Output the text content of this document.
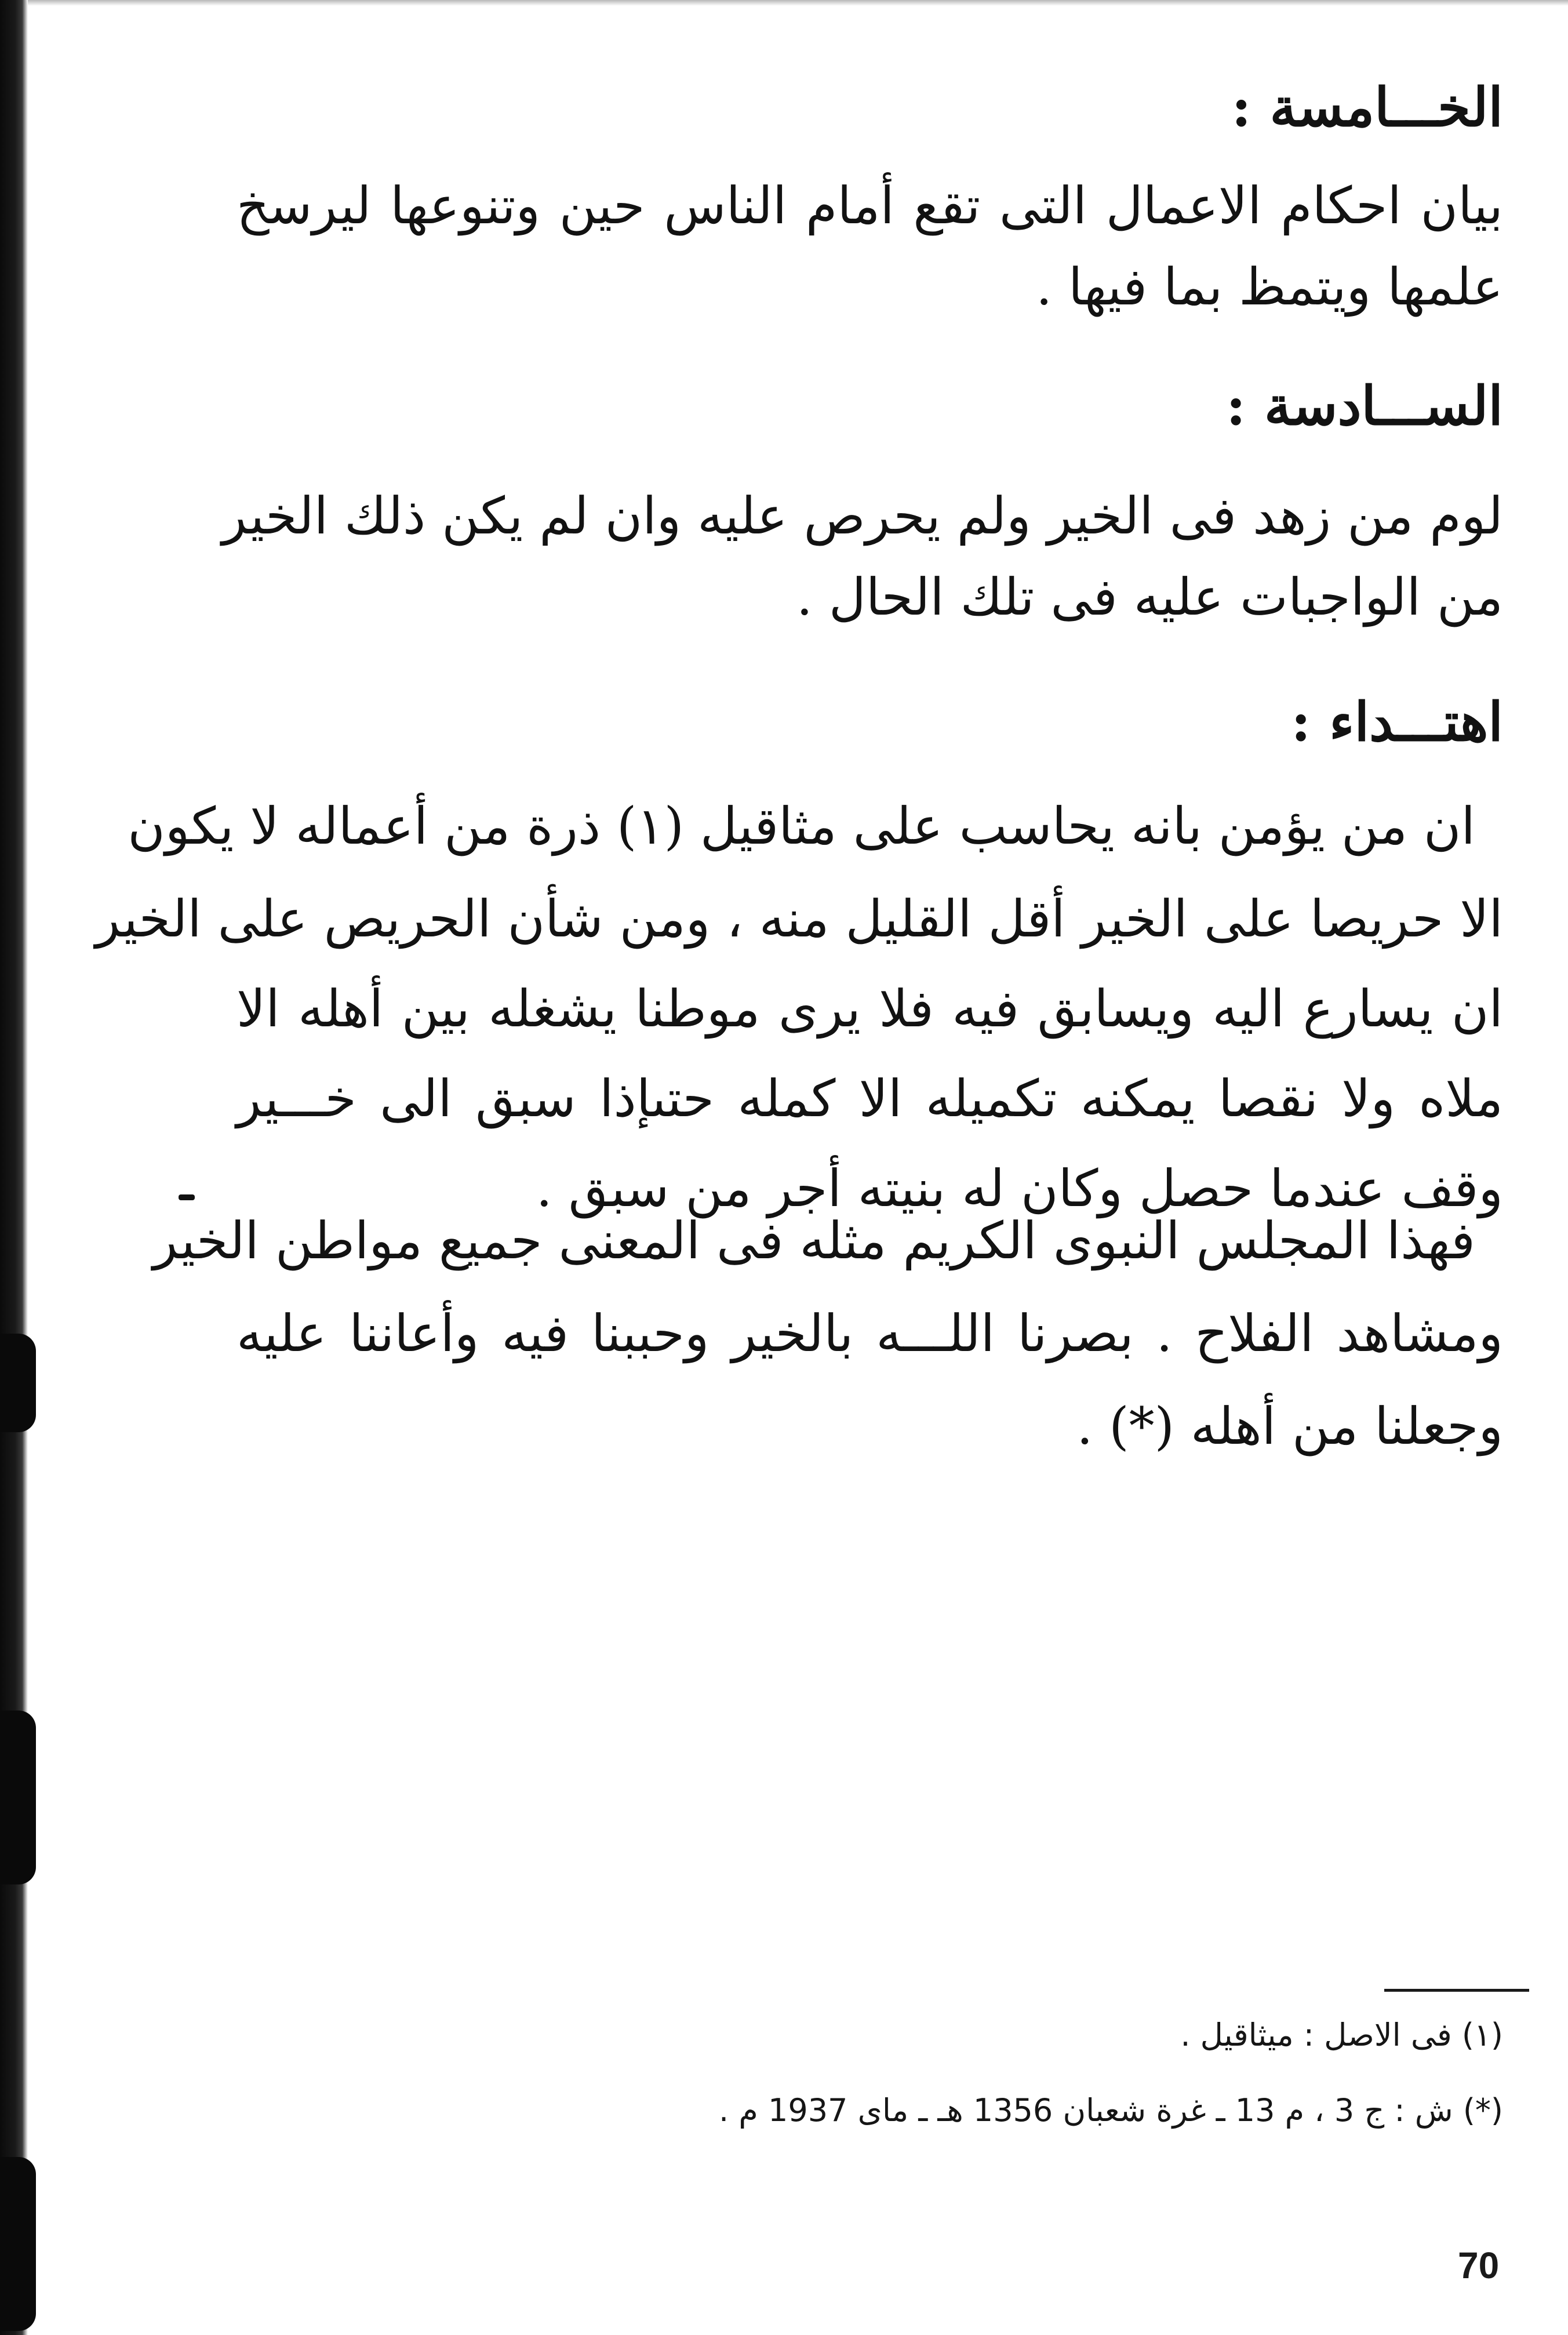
الخـــامسة :
بيان احكام الاعمال التى تقع أمام الناس حين وتنوعها ليرسخ
علمها ويتمظ بما فيها .
الســـادسة :
لوم من زهد فى الخير ولم يحرص عليه وان لم يكن ذلك الخير
من الواجبات عليه فى تلك الحال .
اهتـــداء :
ان من يؤمن بانه يحاسب على مثاقيل (١) ذرة من أعماله لا يكون
الا حريصا على الخير أقل القليل منه ، ومن شأن الحريص على الخير
ان يسارع اليه ويسابق فيه فلا يرى موطنا يشغله بين أهله الا
ملاه ولا نقصا يمكنه تكميله الا كمله حتىإذا سبق الى خـــير
وقف عندما حصل وكان له بنيته أجر من سبق .
فهذا المجلس النبوى الكريم مثله فى المعنى جميع مواطن الخير
ومشاهد الفلاح . بصرنا اللـــه بالخير وحببنا فيه وأعاننا عليه
وجعلنا من أهله (*) .
(١) فى الاصل : ميثاقيل .
(*) ش : ج 3 ، م 13 ـ غرة شعبان 1356 هـ ـ ماى 1937 م .
70
